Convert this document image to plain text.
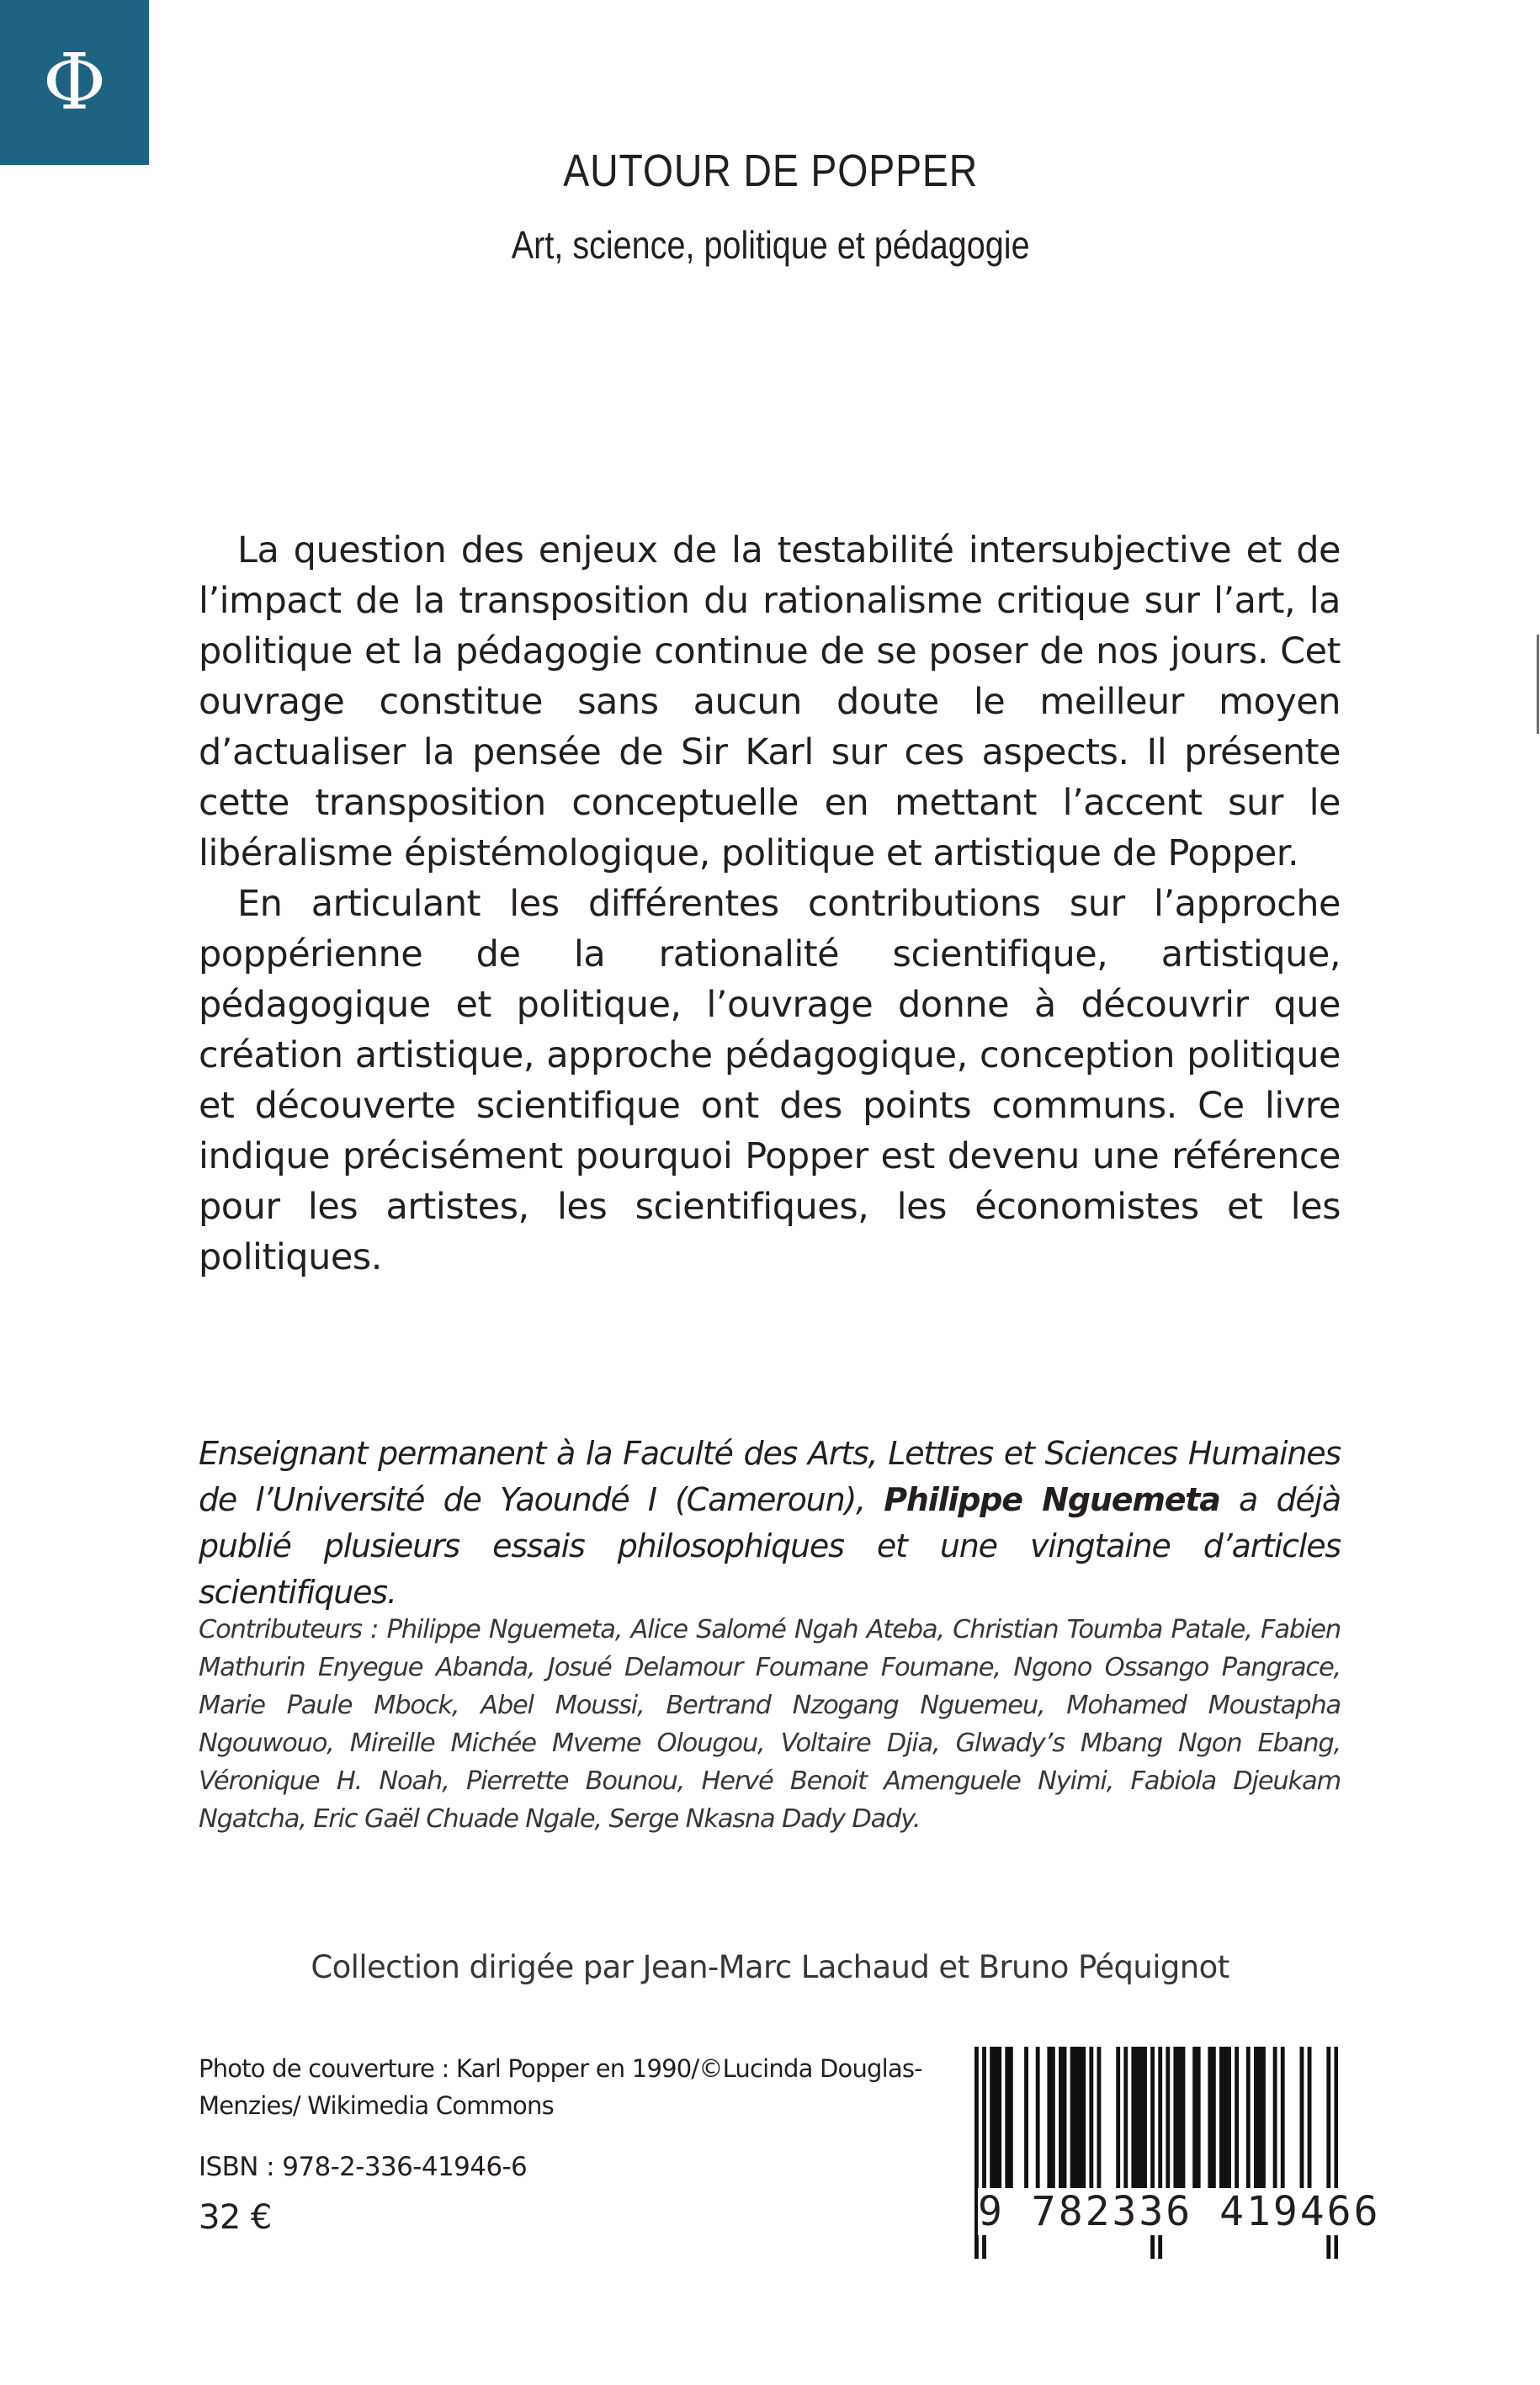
Φ
AUTOUR DE POPPER
Art, science, politique et pédagogie

La question des enjeux de la testabilité intersubjective et de l’impact de la transposition du rationalisme critique sur l’art, la politique et la pédagogie continue de se poser de nos jours. Cet ouvrage constitue sans aucun doute le meilleur moyen d’actualiser la pensée de Sir Karl sur ces aspects. Il présente cette transposition conceptuelle en mettant l’accent sur le libéralisme épistémologique, politique et artistique de Popper.

En articulant les différentes contributions sur l’approche poppérienne de la rationalité scientifique, artistique, pédagogique et politique, l’ouvrage donne à découvrir que création artistique, approche pédagogique, conception politique et découverte scientifique ont des points communs. Ce livre indique précisément pourquoi Popper est devenu une référence pour les artistes, les scientifiques, les économistes et les politiques.

Enseignant permanent à la Faculté des Arts, Lettres et Sciences Humaines de l’Université de Yaoundé I (Cameroun), Philippe Nguemeta a déjà publié plusieurs essais philosophiques et une vingtaine d’articles scientifiques.
Contributeurs : Philippe Nguemeta, Alice Salomé Ngah Ateba, Christian Toumba Patale, Fabien Mathurin Enyegue Abanda, Josué Delamour Foumane Foumane, Ngono Ossango Pangrace, Marie Paule Mbock, Abel Moussi, Bertrand Nzogang Nguemeu, Mohamed Moustapha Ngouwouo, Mireille Michée Mveme Olougou, Voltaire Djia, Glwady’s Mbang Ngon Ebang, Véronique H. Noah, Pierrette Bounou, Hervé Benoit Amenguele Nyimi, Fabiola Djeukam Ngatcha, Eric Gaël Chuade Ngale, Serge Nkasna Dady Dady.
Collection dirigée par Jean-Marc Lachaud et Bruno Péquignot
Photo de couverture : Karl Popper en 1990/©Lucinda Douglas-Menzies/ Wikimedia Commons
ISBN : 978-2-336-41946-6
32 €	9 782336 419466
